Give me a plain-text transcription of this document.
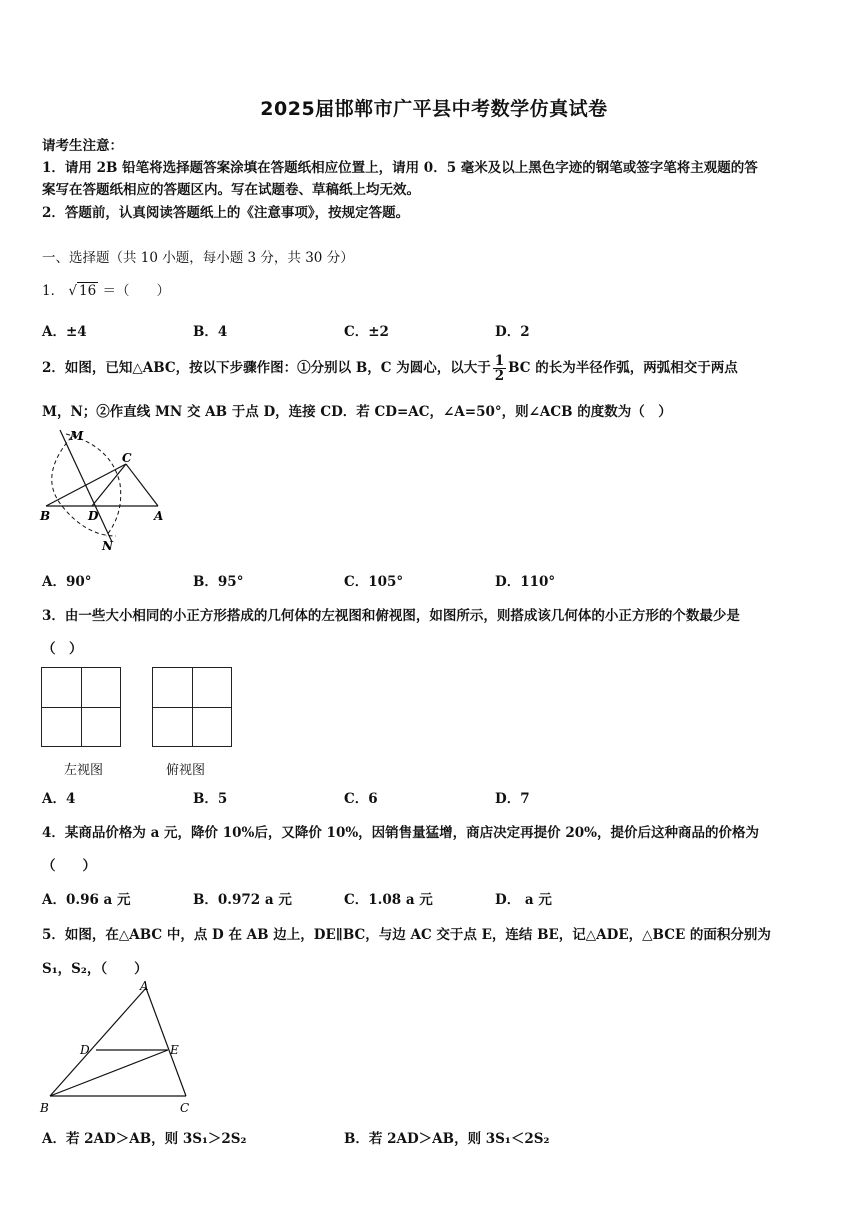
2025届邯郸市广平县中考数学仿真试卷
请考生注意：
1．请用 2B 铅笔将选择题答案涂填在答题纸相应位置上，请用 0．5 毫米及以上黑色字迹的钢笔或签字笔将主观题的答
案写在答题纸相应的答题区内。写在试题卷、草稿纸上均无效。
2．答题前，认真阅读答题纸上的《注意事项》，按规定答题。
一、选择题（共 10 小题，每小题 3 分，共 30 分）
1． √ 16 ＝（　　）
A．±4	B．4	C．±2	D．2
2．如图，已知△ABC，按以下步骤作图：①分别以 B，C 为圆心，以大于 $\frac{1}{2}$ BC 的长为半径作弧，两弧相交于两点
M，N；②作直线 MN 交 AB 于点 D，连接 CD．若 CD=AC，∠A=50°，则∠ACB 的度数为（　）
M
C
B	D	A
N
A．90°	B．95°	C．105°	D．110°
3．由一些大小相同的小正方形搭成的几何体的左视图和俯视图，如图所示，则搭成该几何体的小正方形的个数最少是
（　）
左视图	俯视图
A．4	B．5	C．6	D．7
4．某商品价格为 a 元，降价 10%后，又降价 10%，因销售量猛增，商店决定再提价 20%，提价后这种商品的价格为
（　　）
A．0.96 a 元	B．0.972 a 元	C．1.08 a 元	D． a 元
5．如图，在△ABC 中，点 D 在 AB 边上，DE∥BC，与边 AC 交于点 E，连结 BE，记△ADE，△BCE 的面积分别为
S₁，S₂，（　　）
A
D	E
B	C
A．若 2AD＞AB，则 3S₁＞2S₂	B．若 2AD＞AB，则 3S₁＜2S₂
